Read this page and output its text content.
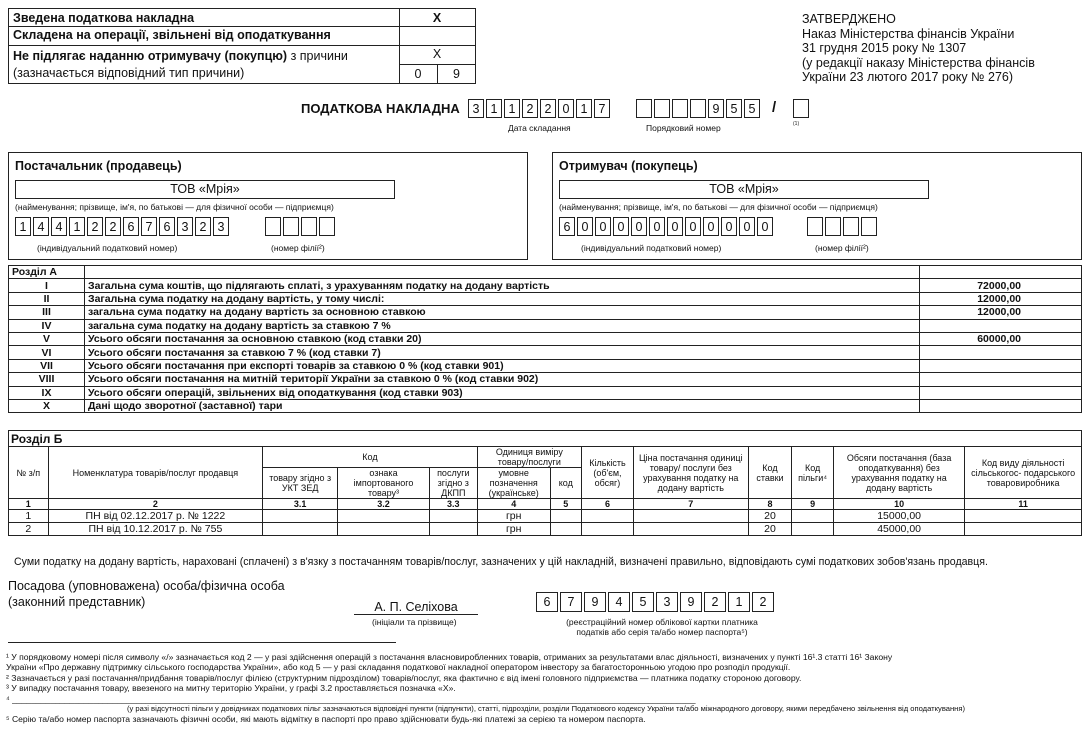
Зведена податкова накладна	X
Складена на операції, звільнені від оподаткування
Не підлягає наданню отримувачу (покупцю) з причини	X
(зазначається відповідний тип причини)	0	9
ЗАТВЕРДЖЕНО
Наказ Міністерства фінансів України
31 грудня 2015 року № 1307
(у редакції наказу Міністерства фінансів
України 23 лютого 2017 року № 276)
ПОДАТКОВА НАКЛАДНА	3 1 1 2 2 0 1 7
Дата складання
9 5 5	/
Порядковий номер	(1)
Постачальник (продавець)
ТОВ «Мрія»
(найменування; прізвище, ім'я, по батькові — для фізичної особи — підприємця)
1 4 4 1 2 2 6 7 6 3 2 3
(індивідуальний податковий номер)	(номер філії²)
Отримувач (покупець)
ТОВ «Мрія»
(найменування; прізвище, ім'я, по батькові — для фізичної особи — підприємця)
6 0 0 0 0 0 0 0 0 0 0 0
(індивідуальний податковий номер)	(номер філії²)
Розділ А		
I	Загальна сума коштів, що підлягають сплаті, з урахуванням податку на додану вартість	72000,00
II	Загальна сума податку на додану вартість, у тому числі:	12000,00
III	загальна сума податку на додану вартість за основною ставкою	12000,00
IV	загальна сума податку на додану вартість за ставкою 7 %	
V	Усього обсяги постачання за основною ставкою (код ставки 20)	60000,00
VI	Усього обсяги постачання за ставкою 7 % (код ставки 7)	
VII	Усього обсяги постачання при експорті товарів за ставкою 0 % (код ставки 901)	
VIII	Усього обсяги постачання на митній території України за ставкою 0 % (код ставки 902)	
IX	Усього обсяги операцій, звільнених від оподаткування (код ставки 903)	
X	Дані щодо зворотної (заставної) тари	
Розділ Б												
№ з/п	Номенклатура товарів/послуг продавця	Код			Одиниця виміру товару/послуги		Кількість (об'єм, обсяг)	Ціна постачання одиниці товару/ послуги без урахування податку на додану вартість	Код ставки	Код пільги⁴	Обсяги постачання (база оподаткування) без урахування податку на додану вартість	Код виду діяльності сільськогос- подарського товаровиробника
		товару згідно з УКТ ЗЕД	ознака імпортованого товару³	послуги згідно з ДКПП	умовне позначення (українське)	код						
1	2	3.1	3.2	3.3	4	5	6	7	8	9	10	11
1	ПН від 02.12.2017 р. № 1222				грн				20		15000,00	
2	ПН від 10.12.2017 р. № 755				грн				20		45000,00	
Суми податку на додану вартість, нараховані (сплачені) з в'язку з постачанням товарів/послуг, зазначених у цій накладній, визначені правильно, відповідають сумі податкових зобов'язань продавця.
Посадова (уповноважена) особа/фізична особа
(законний представник)	А. П. Селіхова
(ініціали та прізвище)
6	7	9	4	5	3	9	2	1	2
(реєстраційний номер облікової картки платника
податків або серія та/або номер паспорта⁵)
¹ У порядковому номері після символу «/» зазначається код 2 — у разі здійснення операцій з постачання власновиробленних товарів, отриманих за результатами влас діяльності, визначених у пункті 16¹.3 статті 16¹ Закону
України «Про державну підтримку сільського господарства України», або код 5 — у разі складання податкової накладної оператором інвестору за багатосторонньою угодою про розподіл продукції.
² Зазначається у разі постачання/придбання товарів/послуг філією (структурним підрозділом) товарів/послуг, яка фактично є від імені головного підприємства — платника податку стороною договору.
³ У випадку постачання товару, ввезеного на митну територію України, у графі 3.2 проставляється позначка «Х».
⁴ _______________________________________________________________________________________________________________________________________________
(у разі відсутності пільги у довідниках податкових пільг зазначаються відповідні пункти (підпункти), статті, підрозділи, розділи Податкового кодексу України та/або міжнародного договору, якими передбачено звільнення від оподаткування)
⁵ Серію та/або номер паспорта зазначають фізичні особи, які мають відмітку в паспорті про право здійснювати будь-які платежі за серією та номером паспорта.
